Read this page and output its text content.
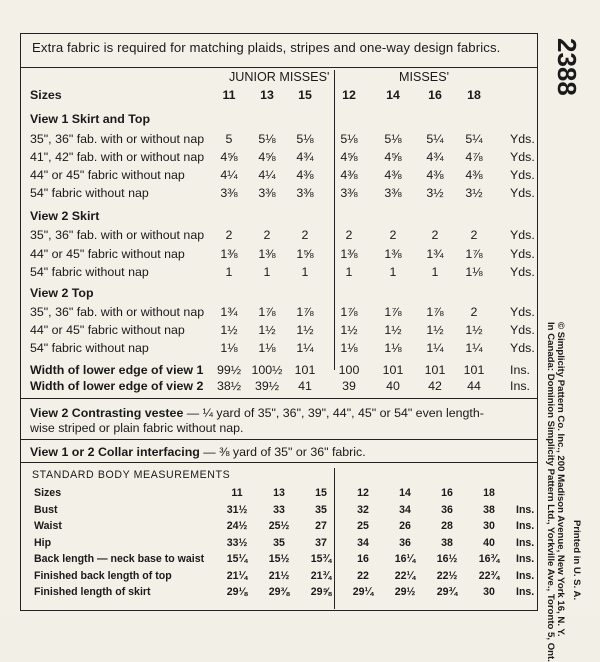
Extra fabric is required for matching plaids, stripes and one-way design fabrics.
JUNIOR MISSES'	MISSES'
Sizes	11	13	15	12	14	16	18
View 1 Skirt and Top
35", 36" fab. with or without nap	5	5⅛	5⅛	5⅛	5⅛	5¼	5¼	Yds.
41", 42" fab. with or without nap	4⅝	4⅝	4¾	4⅝	4⅝	4¾	4⅞	Yds.
44" or 45" fabric without nap	4¼	4¼	4⅜	4⅜	4⅜	4⅜	4⅜	Yds.
54" fabric without nap	3⅜	3⅜	3⅜	3⅜	3⅜	3½	3½	Yds.
View 2 Skirt
35", 36" fab. with or without nap	2	2	2	2	2	2	2	Yds.
44" or 45" fabric without nap	1⅜	1⅜	1⅝	1⅜	1⅜	1¾	1⅞	Yds.
54" fabric without nap	1	1	1	1	1	1	1⅛	Yds.
View 2 Top
35", 36" fab. with or without nap	1¾	1⅞	1⅞	1⅞	1⅞	1⅞	2	Yds.
44" or 45" fabric without nap	1½	1½	1½	1½	1½	1½	1½	Yds.
54" fabric without nap	1⅛	1⅛	1¼	1⅛	1⅛	1¼	1¼	Yds.
Width of lower edge of view 1	99½ 100½ 101	100	101	101	101	Ins.
Width of lower edge of view 2	38½	39½	41	39	40	42	44	Ins.
View 2 Contrasting vestee — ¼ yard of 35", 36", 39", 44", 45" or 54" even length-
wise striped or plain fabric without nap.
View 1 or 2 Collar interfacing — ⅜ yard of 35" or 36" fabric.
STANDARD BODY MEASUREMENTS
Sizes	11	13	15	12	14	16	18
Bust	31½	33	35	32	34	36	38	Ins.
Waist	24½	25½	27	25	26	28	30	Ins.
Hip	33½	35	37	34	36	38	40	Ins.
Back length — neck base to waist	15¼	15½	15¾	16	16¼	16½	16¾	Ins.
Finished back length of top	21¼	21½	21¾	22	22¼	22½	22¾	Ins.
Finished length of skirt	29⅛	29⅜	29⅝	29¼	29½	29¾	30	Ins.
2388
© Simplicity Pattern Co. Inc., 200 Madison Avenue, New York 16, N. Y.
In Canada: Dominion Simplicity Pattern Ltd., Yorkville Ave., Toronto 5, Ont. Printed in U. S. A.
